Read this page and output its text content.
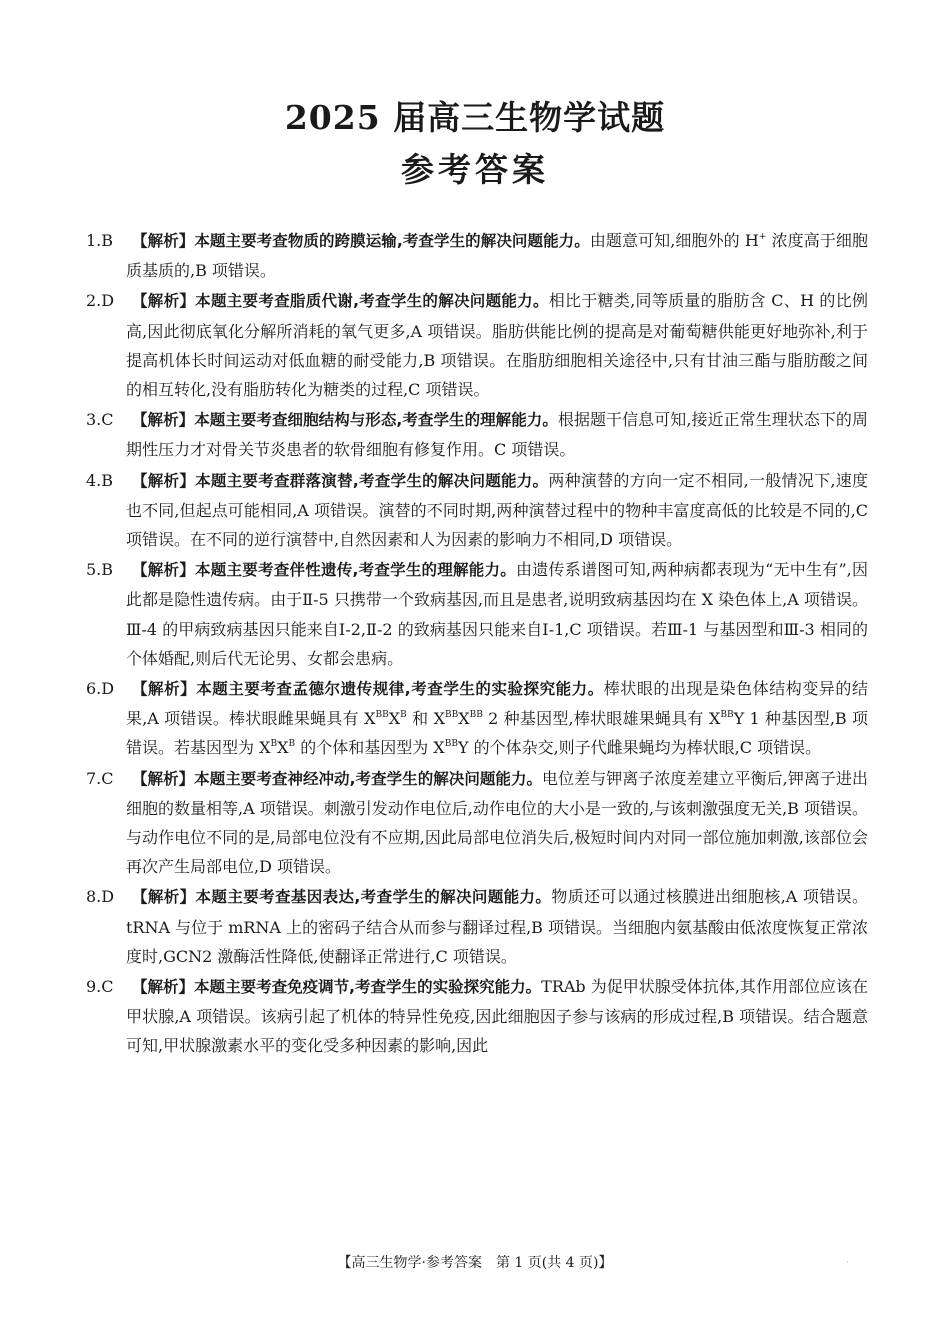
2025 届高三生物学试题
参考答案
1.B	【解析】本题主要考查物质的跨膜运输,考查学生的解决问题能力。由题意可知,细胞外的 H+ 浓度高于细胞质基质的,B 项错误。
2.D	【解析】本题主要考查脂质代谢,考查学生的解决问题能力。相比于糖类,同等质量的脂肪含 C、H 的比例高,因此彻底氧化分解所消耗的氧气更多,A 项错误。脂肪供能比例的提高是对葡萄糖供能更好地弥补,利于提高机体长时间运动对低血糖的耐受能力,B 项错误。在脂肪细胞相关途径中,只有甘油三酯与脂肪酸之间的相互转化,没有脂肪转化为糖类的过程,C 项错误。
3.C	【解析】本题主要考查细胞结构与形态,考查学生的理解能力。根据题干信息可知,接近正常生理状态下的周期性压力才对骨关节炎患者的软骨细胞有修复作用。C 项错误。
4.B	【解析】本题主要考查群落演替,考查学生的解决问题能力。两种演替的方向一定不相同,一般情况下,速度也不同,但起点可能相同,A 项错误。演替的不同时期,两种演替过程中的物种丰富度高低的比较是不同的,C 项错误。在不同的逆行演替中,自然因素和人为因素的影响力不相同,D 项错误。
5.B	【解析】本题主要考查伴性遗传,考查学生的理解能力。由遗传系谱图可知,两种病都表现为“无中生有”,因此都是隐性遗传病。由于Ⅱ-5 只携带一个致病基因,而且是患者,说明致病基因均在 X 染色体上,A 项错误。Ⅲ-4 的甲病致病基因只能来自Ⅰ-2,Ⅱ-2 的致病基因只能来自Ⅰ-1,C 项错误。若Ⅲ-1 与基因型和Ⅲ-3 相同的个体婚配,则后代无论男、女都会患病。
6.D	【解析】本题主要考查孟德尔遗传规律,考查学生的实验探究能力。棒状眼的出现是染色体结构变异的结果,A 项错误。棒状眼雌果蝇具有 $X^{BB}X^B$ 和 $X^{BB}X^{BB}$ 2 种基因型,棒状眼雄果蝇具有 $X^{BB}Y$ 1 种基因型,B 项错误。若基因型为 $X^BX^B$ 的个体和基因型为 $X^{BB}Y$ 的个体杂交,则子代雌果蝇均为棒状眼,C 项错误。
7.C	【解析】本题主要考查神经冲动,考查学生的解决问题能力。电位差与钾离子浓度差建立平衡后,钾离子进出细胞的数量相等,A 项错误。刺激引发动作电位后,动作电位的大小是一致的,与该刺激强度无关,B 项错误。与动作电位不同的是,局部电位没有不应期,因此局部电位消失后,极短时间内对同一部位施加刺激,该部位会再次产生局部电位,D 项错误。
8.D	【解析】本题主要考查基因表达,考查学生的解决问题能力。物质还可以通过核膜进出细胞核,A 项错误。tRNA 与位于 mRNA 上的密码子结合从而参与翻译过程,B 项错误。当细胞内氨基酸由低浓度恢复正常浓度时,GCN2 激酶活性降低,使翻译正常进行,C 项错误。
9.C	【解析】本题主要考查免疫调节,考查学生的实验探究能力。TRAb 为促甲状腺受体抗体,其作用部位应该在甲状腺,A 项错误。该病引起了机体的特异性免疫,因此细胞因子参与该病的形成过程,B 项错误。结合题意可知,甲状腺激素水平的变化受多种因素的影响,因此
【高三生物学·参考答案　第 1 页(共 4 页)】	·
